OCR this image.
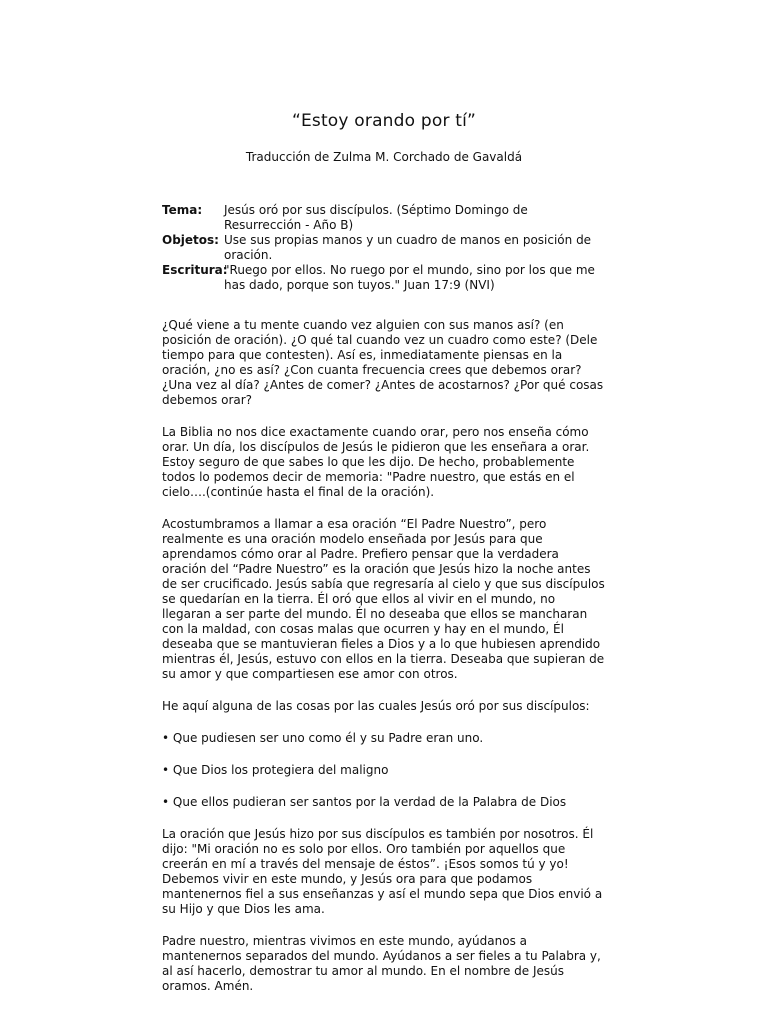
“Estoy orando por tí”
Traducción de Zulma M. Corchado de Gavaldá
Tema:	Jesús oró por sus discípulos. (Séptimo Domingo de Resurrección - Año B)
Objetos: Use sus propias manos y un cuadro de manos en posición de oración.
Escritura:
"Ruego por ellos. No ruego por el mundo, sino por los que me has dado, porque son tuyos." Juan 17:9 (NVI)

¿Qué viene a tu mente cuando vez alguien con sus manos así? (en posición de oración). ¿O qué tal cuando vez un cuadro como este? (Dele tiempo para que contesten). Así es, inmediatamente piensas en la oración, ¿no es así? ¿Con cuanta frecuencia crees que debemos orar? ¿Una vez al día? ¿Antes de comer? ¿Antes de acostarnos? ¿Por qué cosas debemos orar?

La Biblia no nos dice exactamente cuando orar, pero nos enseña cómo orar. Un día, los discípulos de Jesús le pidieron que les enseñara a orar. Estoy seguro de que sabes lo que les dijo. De hecho, probablemente todos lo podemos decir de memoria: "Padre nuestro, que estás en el cielo….(continúe hasta el final de la oración).

Acostumbramos a llamar a esa oración “El Padre Nuestro”, pero realmente es una oración modelo enseñada por Jesús para que aprendamos cómo orar al Padre. Prefiero pensar que la verdadera oración del “Padre Nuestro” es la oración que Jesús hizo la noche antes de ser crucificado. Jesús sabía que regresaría al cielo y que sus discípulos se quedarían en la tierra. Él oró que ellos al vivir en el mundo, no llegaran a ser parte del mundo. Él no deseaba que ellos se mancharan con la maldad, con cosas malas que ocurren y hay en el mundo, Él deseaba que se mantuvieran fieles a Dios y a lo que hubiesen aprendido mientras él, Jesús, estuvo con ellos en la tierra. Deseaba que supieran de su amor y que compartiesen ese amor con otros.

He aquí alguna de las cosas por las cuales Jesús oró por sus discípulos:

• Que pudiesen ser uno como él y su Padre eran uno.

• Que Dios los protegiera del maligno

• Que ellos pudieran ser santos por la verdad de la Palabra de Dios

La oración que Jesús hizo por sus discípulos es también por nosotros. Él dijo: "Mi oración no es solo por ellos. Oro también por aquellos que creerán en mí a través del mensaje de éstos”. ¡Esos somos tú y yo! Debemos vivir en este mundo, y Jesús ora para que podamos mantenernos fiel a sus enseñanzas y así el mundo sepa que Dios envió a su Hijo y que Dios les ama.

Padre nuestro, mientras vivimos en este mundo, ayúdanos a mantenernos separados del mundo. Ayúdanos a ser fieles a tu Palabra y, al así hacerlo, demostrar tu amor al mundo. En el nombre de Jesús oramos. Amén.
